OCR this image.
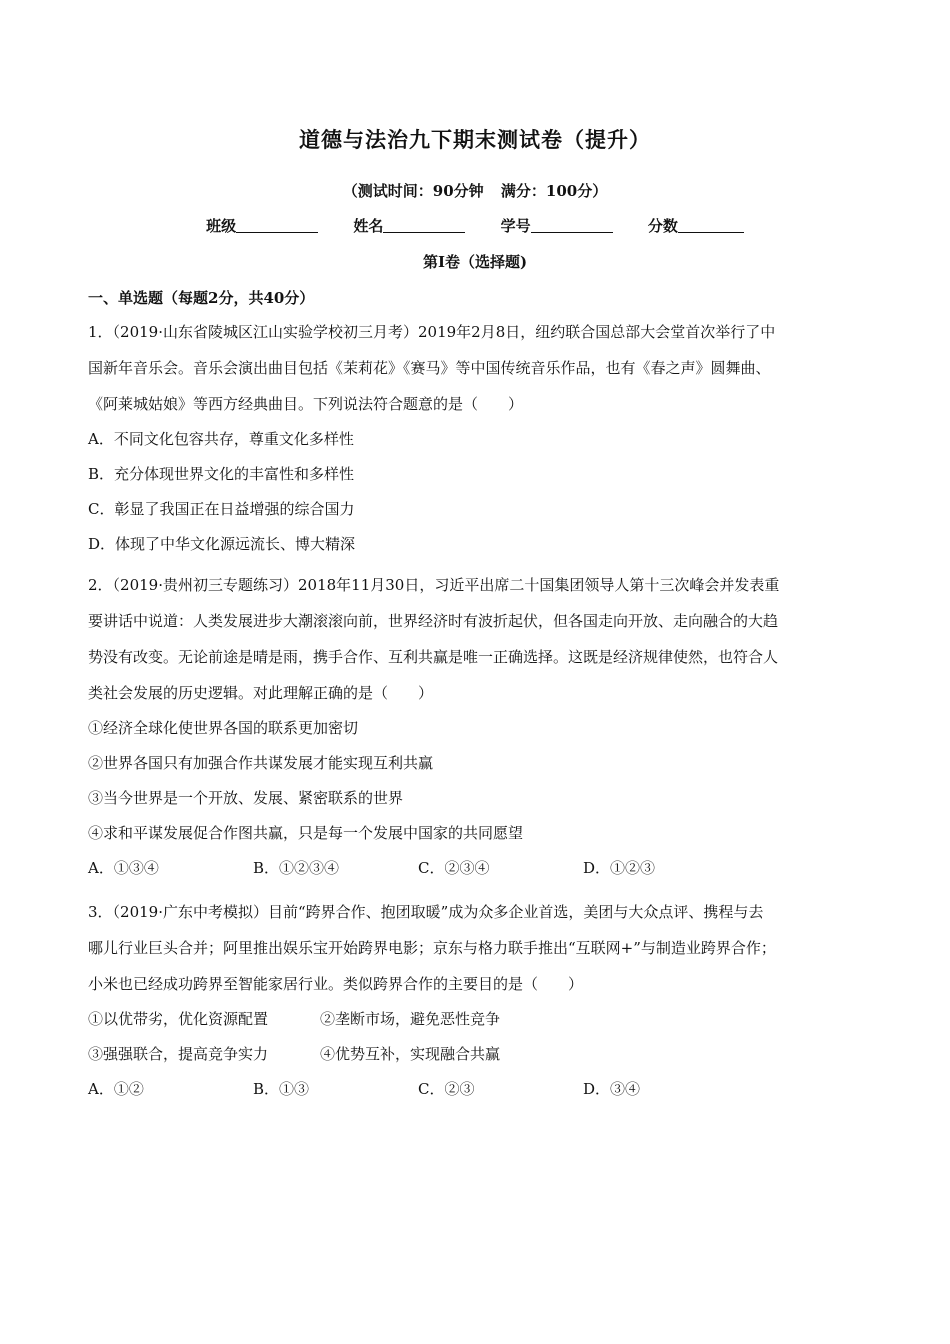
道德与法治九下期末测试卷（提升）
（测试时间：90分钟 满分：100分）
班级	姓名	学号	分数
第I卷（选择题)
一、单选题（每题2分，共40分）
1．（2019·山东省陵城区江山实验学校初三月考）2019年2月8日，纽约联合国总部大会堂首次举行了中
国新年音乐会。音乐会演出曲目包括《茉莉花》《赛马》等中国传统音乐作品，也有《春之声》圆舞曲、
《阿莱城姑娘》等西方经典曲目。下列说法符合题意的是（　　）
A．不同文化包容共存，尊重文化多样性
B．充分体现世界文化的丰富性和多样性
C．彰显了我国正在日益增强的综合国力
D．体现了中华文化源远流长、博大精深
2．（2019·贵州初三专题练习）2018年11月30日，习近平出席二十国集团领导人第十三次峰会并发表重
要讲话中说道：人类发展进步大潮滚滚向前，世界经济时有波折起伏，但各国走向开放、走向融合的大趋
势没有改变。无论前途是晴是雨，携手合作、互利共赢是唯一正确选择。这既是经济规律使然，也符合人
类社会发展的历史逻辑。对此理解正确的是（　　）
①经济全球化使世界各国的联系更加密切
②世界各国只有加强合作共谋发展才能实现互利共赢
③当今世界是一个开放、发展、紧密联系的世界
④求和平谋发展促合作图共赢，只是每一个发展中国家的共同愿望
A．①③④	B．①②③④	C．②③④	D．①②③
3．（2019·广东中考模拟）目前“跨界合作、抱团取暖”成为众多企业首选，美团与大众点评、携程与去
哪儿行业巨头合并；阿里推出娱乐宝开始跨界电影；京东与格力联手推出“互联网+”与制造业跨界合作；
小米也已经成功跨界至智能家居行业。类似跨界合作的主要目的是（　　）
①以优带劣，优化资源配置	②垄断市场，避免恶性竞争
③强强联合，提高竞争实力	④优势互补，实现融合共赢
A．①②	B．①③	C．②③	D．③④
